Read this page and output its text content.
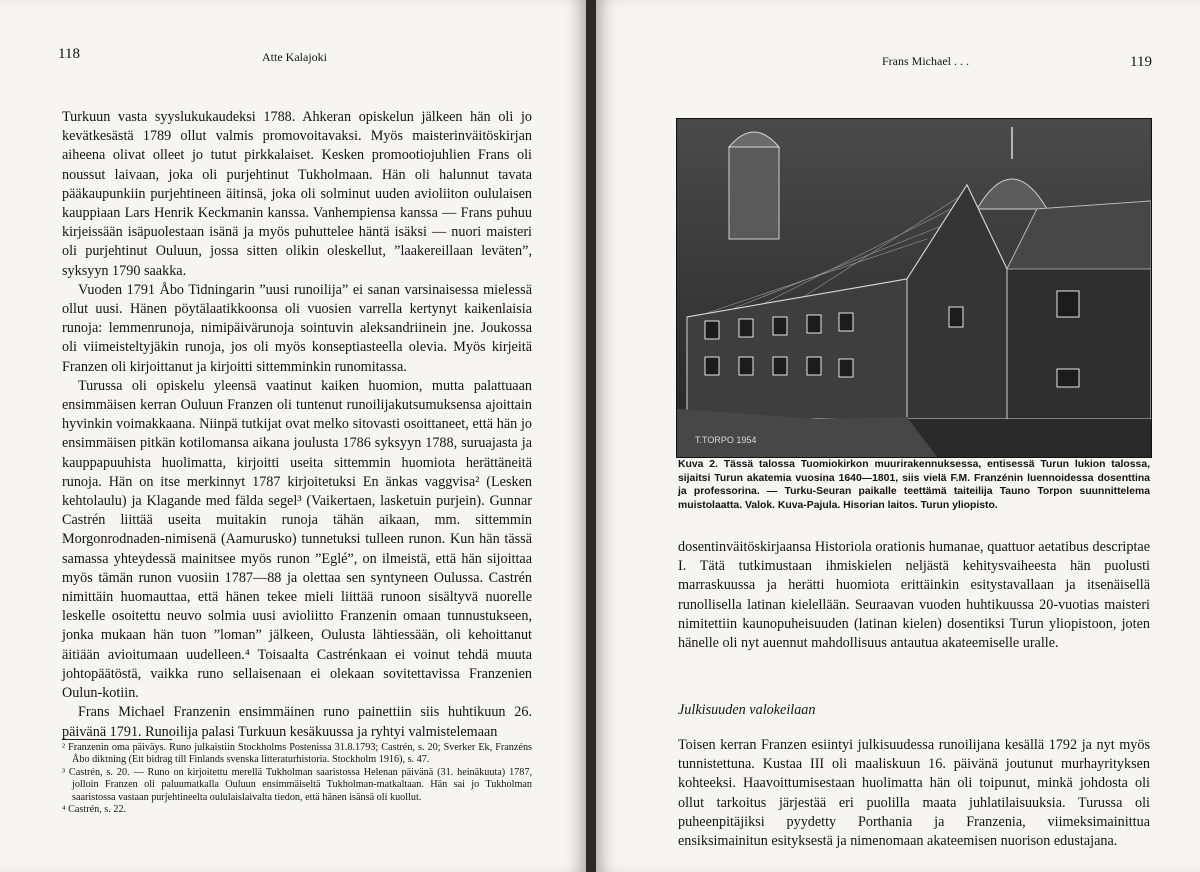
118	Atte Kalajoki

Turkuun vasta syyslukukaudeksi 1788. Ahkeran opiskelun jälkeen hän oli jo kevätkesästä 1789 ollut valmis promovoitavaksi. Myös maisterinväitöskirjan aiheena olivat olleet jo tutut pirkkalaiset. Kesken promootiojuhlien Frans oli noussut laivaan, joka oli purjehtinut Tukholmaan. Hän oli halunnut tavata pääkaupunkiin purjehtineen äitinsä, joka oli solminut uuden avioliiton oululaisen kauppiaan Lars Henrik Keckmanin kanssa. Vanhempiensa kanssa — Frans puhuu kirjeissään isäpuolestaan isänä ja myös puhuttelee häntä isäksi — nuori maisteri oli purjehtinut Ouluun, jossa sitten olikin oleskellut, ”laakereillaan leväten”, syksyyn 1790 saakka.

Vuoden 1791 Åbo Tidningarin ”uusi runoilija” ei sanan varsinaisessa mielessä ollut uusi. Hänen pöytälaatikkoonsa oli vuosien varrella kertynyt kaikenlaisia runoja: lemmenrunoja, nimipäivärunoja sointuvin aleksandriinein jne. Joukossa oli viimeisteltyjäkin runoja, jos oli myös konseptiasteella olevia. Myös kirjeitä Franzen oli kirjoittanut ja kirjoitti sittemminkin runomitassa.

Turussa oli opiskelu yleensä vaatinut kaiken huomion, mutta palattuaan ensimmäisen kerran Ouluun Franzen oli tuntenut runoilijakutsumuksensa ajoittain hyvinkin voimakkaana. Niinpä tutkijat ovat melko sitovasti osoittaneet, että hän jo ensimmäisen pitkän kotilomansa aikana joulusta 1786 syksyyn 1788, suruajasta ja kauppapuuhista huolimatta, kirjoitti useita sittemmin huomiota herättäneitä runoja. Hän on itse merkinnyt 1787 kirjoitetuksi En änkas vaggvisa² (Lesken kehtolaulu) ja Klagande med fälda segel³ (Vaikertaen, lasketuin purjein). Gunnar Castrén liittää useita muitakin runoja tähän aikaan, mm. sittemmin Morgonrodnaden-nimisenä (Aamurusko) tunnetuksi tulleen runon. Kun hän tässä samassa yhteydessä mainitsee myös runon ”Eglé”, on ilmeistä, että hän sijoittaa myös tämän runon vuosiin 1787—88 ja olettaa sen syntyneen Oulussa. Castrén nimittäin huomauttaa, että hänen tekee mieli liittää runoon sisältyvä nuorelle leskelle osoitettu neuvo solmia uusi avioliitto Franzenin omaan tunnustukseen, jonka mukaan hän tuon ”loman” jälkeen, Oulusta lähtiessään, oli kehoittanut äitiään avioitumaan uudelleen.⁴ Toisaalta Castrénkaan ei voinut tehdä muuta johtopäätöstä, vaikka runo sellaisenaan ei olekaan sovitettavissa Franzenien Oulun-kotiin.

Frans Michael Franzenin ensimmäinen runo painettiin siis huhtikuun 26. päivänä 1791. Runoilija palasi Turkuun kesäkuussa ja ryhtyi valmistelemaan

² Franzenin oma päiväys. Runo julkaistiin Stockholms Postenissa 31.8.1793; Castrén, s. 20; Sverker Ek, Franzéns Åbo diktning (Ett bidrag till Finlands svenska litteraturhistoria. Stockholm 1916), s. 47.

³ Castrén, s. 20. — Runo on kirjoitettu merellä Tukholman saaristossa Helenan päivänä (31. heinäkuuta) 1787, jolloin Franzen oli paluumatkalla Ouluun ensimmäiseltä Tukholman-matkaltaan. Hän sai jo Tukholman saaristossa vastaan purjehtineelta oululaislaivalta tiedon, että hänen isänsä oli kuollut.

⁴ Castrén, s. 22.

Frans Michael . . .	119
T.TORPO 1954
Kuva 2. Tässä talossa Tuomiokirkon muurirakennuksessa, entisessä Turun lukion talossa, sijaitsi Turun akatemia vuosina 1640—1801, siis vielä F.M. Franzénin luennoidessa dosenttina ja professorina. — Turku-Seuran paikalle teettämä taiteilija Tauno Torpon suunnittelema muistolaatta. Valok. Kuva-Pajula. Hisorian laitos. Turun yliopisto.

dosentinväitöskirjaansa Historiola orationis humanae, quattuor aetatibus descriptae I. Tätä tutkimustaan ihmiskielen neljästä kehitysvaiheesta hän puolusti marraskuussa ja herätti huomiota erittäinkin esitystavallaan ja itsenäisellä runollisella latinan kielellään. Seuraavan vuoden huhtikuussa 20-vuotias maisteri nimitettiin kaunopuheisuuden (latinan kielen) dosentiksi Turun yliopistoon, joten hänelle oli nyt auennut mahdollisuus antautua akateemiselle uralle.

Julkisuuden valokeilaan

Toisen kerran Franzen esiintyi julkisuudessa runoilijana kesällä 1792 ja nyt myös tunnistettuna. Kustaa III oli maaliskuun 16. päivänä joutunut murhayrityksen kohteeksi. Haavoittumisestaan huolimatta hän oli toipunut, minkä johdosta oli ollut tarkoitus järjestää eri puolilla maata juhlatilaisuuksia. Turussa oli puheenpitäjiksi pyydetty Porthania ja Franzenia, viimeksimainittua ensiksimainitun esityksestä ja nimenomaan akateemisen nuorison edustajana.
